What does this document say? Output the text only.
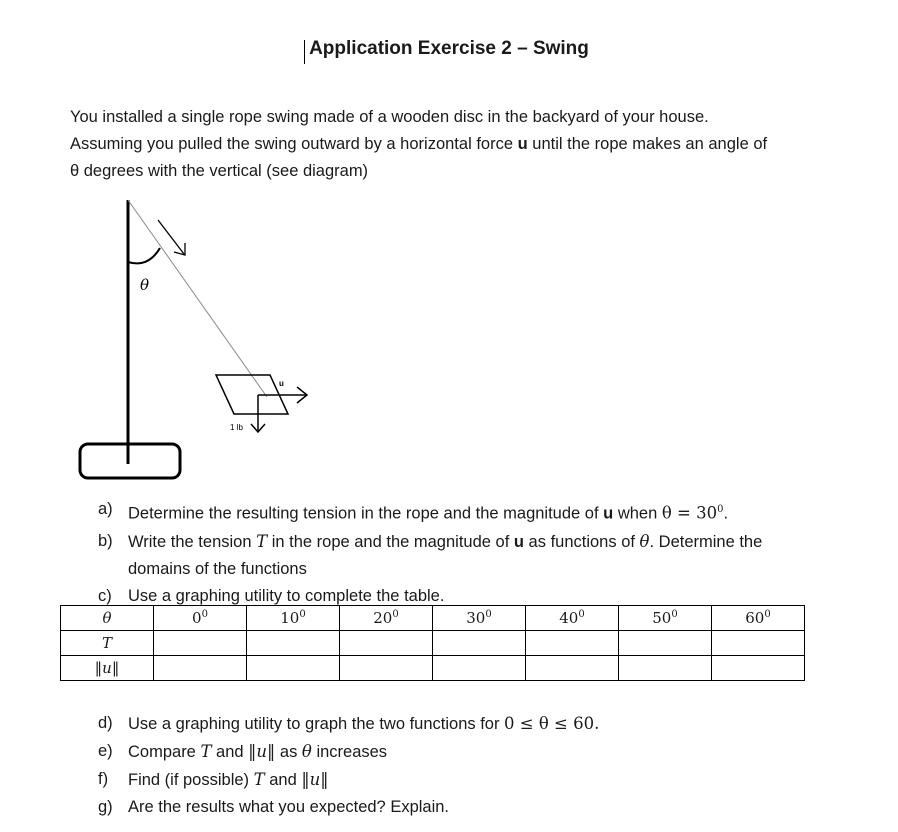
Application Exercise 2 – Swing
You installed a single rope swing made of a wooden disc in the backyard of your house.
Assuming you pulled the swing outward by a horizontal force u until the rope makes an angle of
θ degrees with the vertical (see diagram)
θ
u
1 lb
a) Determine the resulting tension in the rope and the magnitude of u when $\theta = 30^0$.
b) Write the tension T in the rope and the magnitude of u as functions of θ. Determine the
domains of the functions
c) Use a graphing utility to complete the table.
θ	$0^0$	$10^0$	$20^0$	$30^0$	$40^0$	$50^0$	$60^0$
T							
‖u‖							
d) Use a graphing utility to graph the two functions for 0 ≤ θ ≤ 60.
e) Compare T and ‖u‖ as θ increases
f) Find (if possible) T and ‖u‖
g) Are the results what you expected? Explain.
